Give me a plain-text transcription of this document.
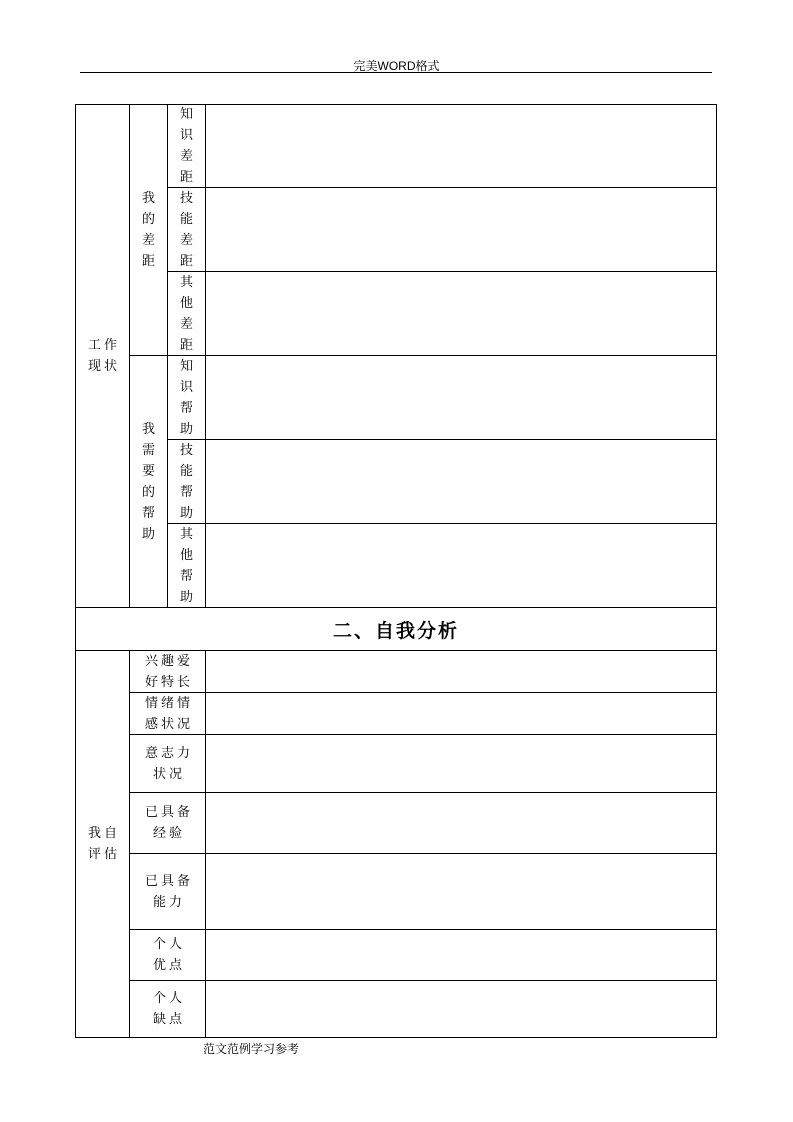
完美WORD格式
工作
现状
我
的
差
距
知
识
差
距
技
能
差
距
其
他
差
距
我
需
要
的
帮
助
知
识
帮
助
技
能
帮
助
其
他
帮
助
二、自我分析
我自
评估
兴趣爱
好特长
情绪情
感状况
意志力
状况
已具备
经验
已具备
能力
个人
优点
个人
缺点
范文范例学习参考
